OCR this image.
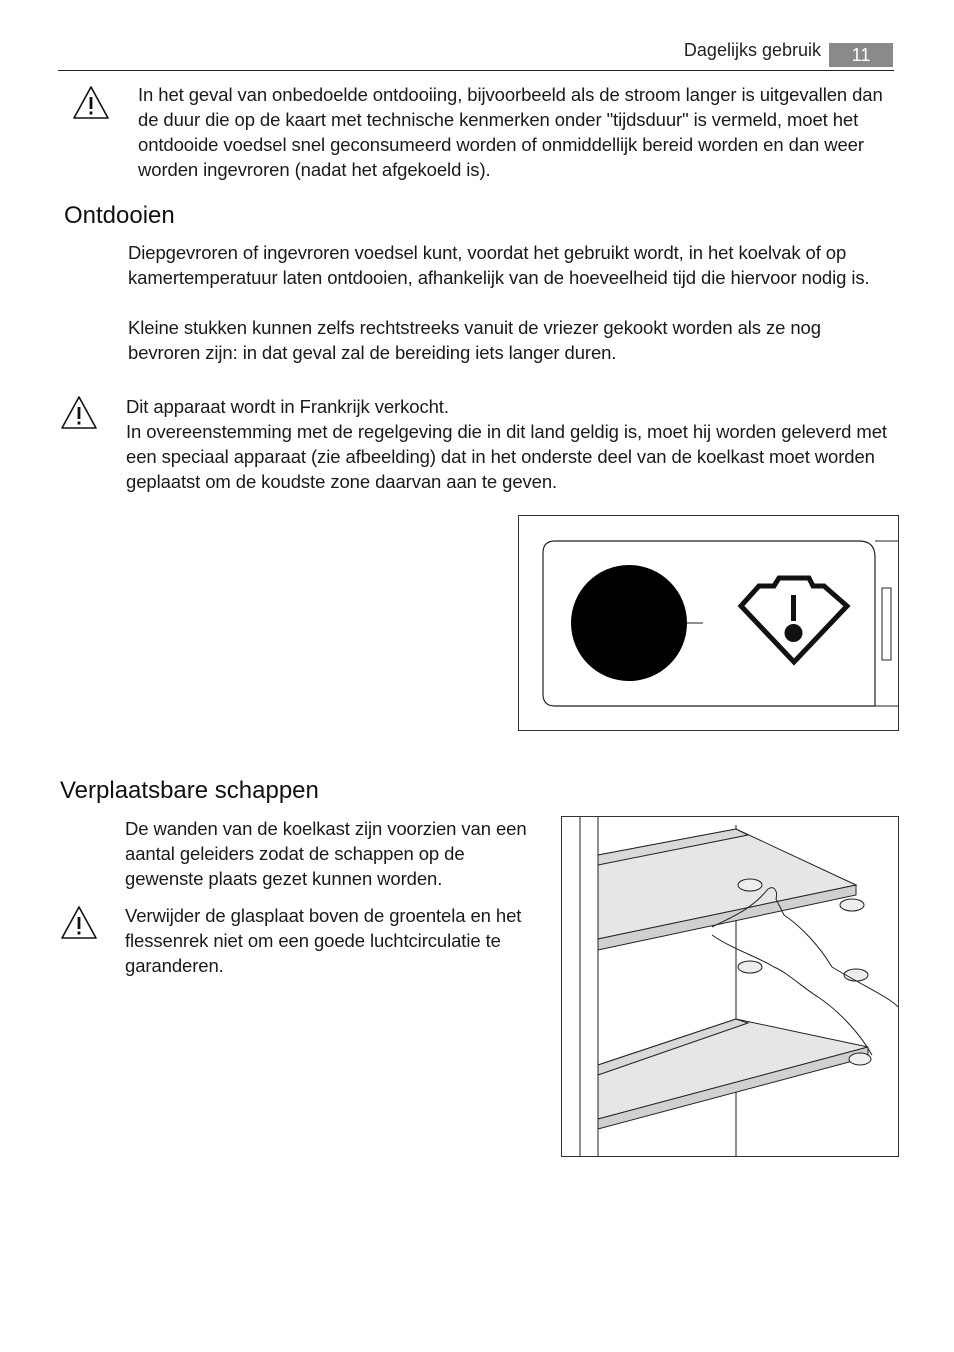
Dagelijks gebruik	11
In het geval van onbedoelde ontdooiing, bijvoorbeeld als de stroom langer is uitgevallen dan de duur die op de kaart met technische kenmerken onder "tijdsduur" is vermeld, moet het ontdooide voedsel snel geconsumeerd worden of onmiddellijk bereid worden en dan weer worden ingevroren (nadat het afgekoeld is).
Ontdooien
Diepgevroren of ingevroren voedsel kunt, voordat het gebruikt wordt, in het koelvak of op kamertemperatuur laten ontdooien, afhankelijk van de hoeveelheid tijd die hiervoor nodig is.
Kleine stukken kunnen zelfs rechtstreeks vanuit de vriezer gekookt worden als ze nog bevroren zijn: in dat geval zal de bereiding iets langer duren.
Dit apparaat wordt in Frankrijk verkocht.
In overeenstemming met de regelgeving die in dit land geldig is, moet hij worden geleverd met een speciaal apparaat (zie afbeelding) dat in het onderste deel van de koelkast moet worden geplaatst om de koudste zone daarvan aan te geven.
Verplaatsbare schappen
De wanden van de koelkast zijn voorzien van een aantal geleiders zodat de schappen op de gewenste plaats gezet kunnen worden.
Verwijder de glasplaat boven de groentela en het flessenrek niet om een goede luchtcirculatie te garanderen.
